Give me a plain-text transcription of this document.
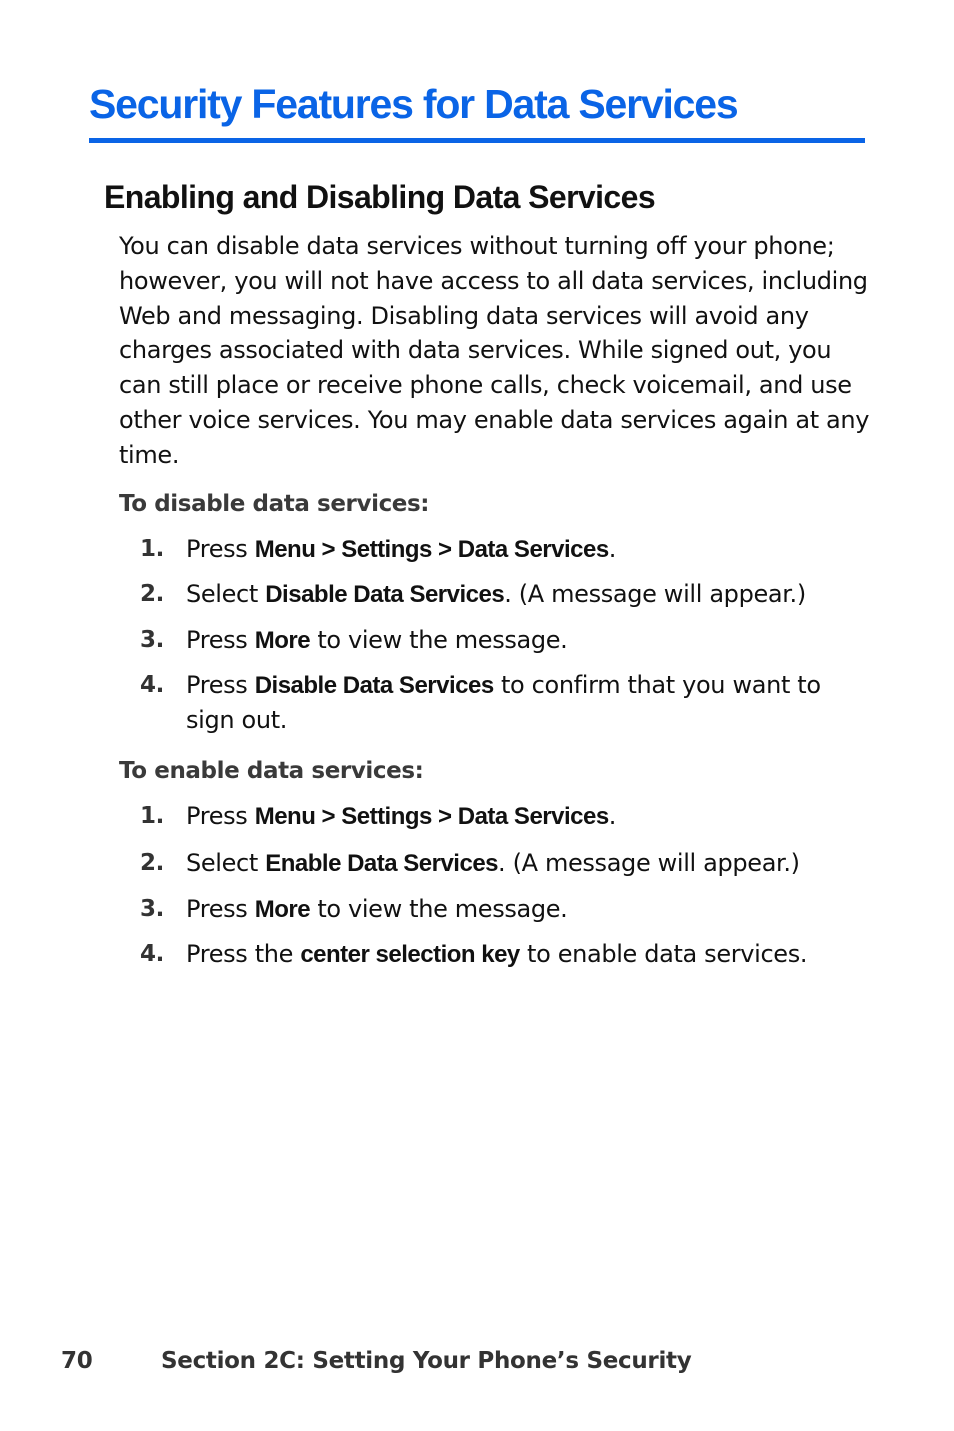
Security Features for Data Services
Enabling and Disabling Data Services

You can disable data services without turning off your phone; however, you will not have access to all data services, including Web and messaging. Disabling data services will avoid any charges associated with data services. While signed out, you can still place or receive phone calls, check voicemail, and use other voice services. You may enable data services again at any time.

To disable data services:
1. Press Menu > Settings > Data Services.
2. Select Disable Data Services. (A message will appear.)
3. Press More to view the message.
4. Press Disable Data Services to confirm that you want to sign out.
To enable data services:
1. Press Menu > Settings > Data Services.
2. Select Enable Data Services. (A message will appear.)
3. Press More to view the message.
4. Press the center selection key to enable data services.
70	Section 2C: Setting Your Phone’s Security
